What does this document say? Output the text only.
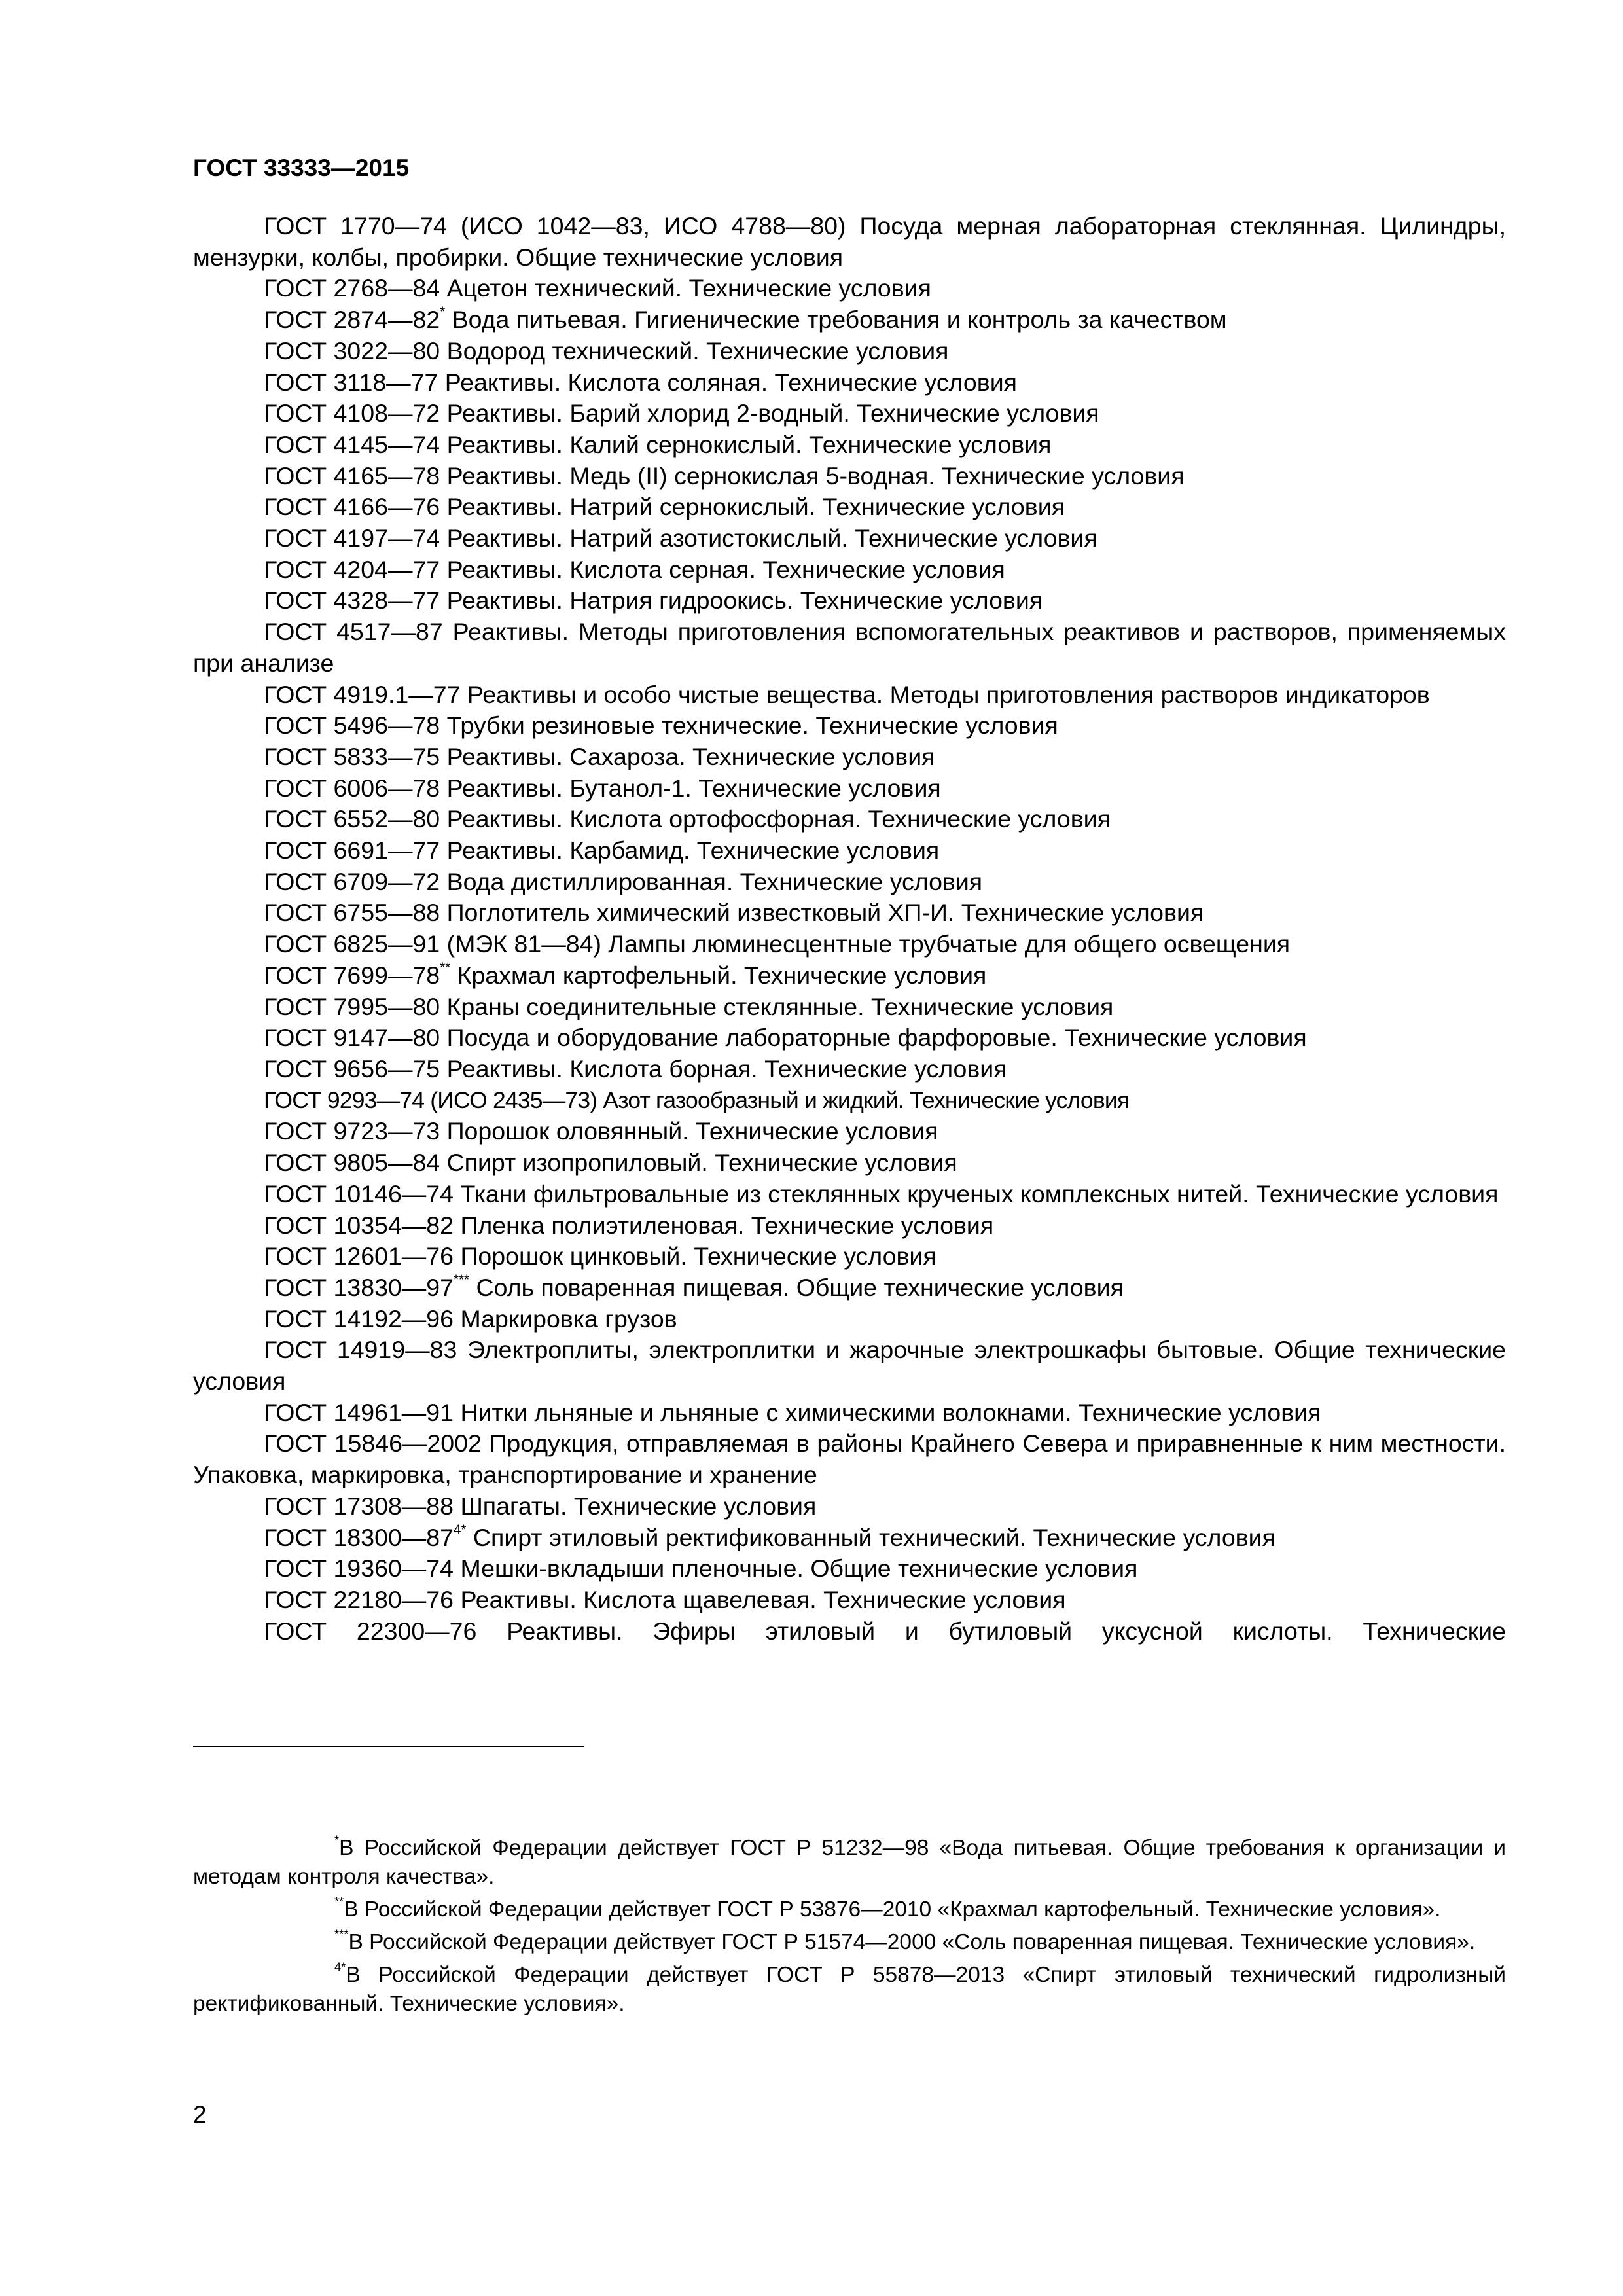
ГОСТ 33333—2015
ГОСТ 1770—74 (ИСО 1042—83, ИСО 4788—80) Посуда мерная лабораторная стеклянная. Цилиндры, мензурки, колбы, пробирки. Общие технические условия
ГОСТ 2768—84 Ацетон технический. Технические условия
ГОСТ 2874—82* Вода питьевая. Гигиенические требования и контроль за качеством
ГОСТ 3022—80 Водород технический. Технические условия
ГОСТ 3118—77 Реактивы. Кислота соляная. Технические условия
ГОСТ 4108—72 Реактивы. Барий хлорид 2-водный. Технические условия
ГОСТ 4145—74 Реактивы. Калий сернокислый. Технические условия
ГОСТ 4165—78 Реактивы. Медь (II) сернокислая 5-водная. Технические условия
ГОСТ 4166—76 Реактивы. Натрий сернокислый. Технические условия
ГОСТ 4197—74 Реактивы. Натрий азотистокислый. Технические условия
ГОСТ 4204—77 Реактивы. Кислота серная. Технические условия
ГОСТ 4328—77 Реактивы. Натрия гидроокись. Технические условия
ГОСТ 4517—87 Реактивы. Методы приготовления вспомогательных реактивов и растворов, применяемых при анализе
ГОСТ 4919.1—77 Реактивы и особо чистые вещества. Методы приготовления растворов индикаторов
ГОСТ 5496—78 Трубки резиновые технические. Технические условия
ГОСТ 5833—75 Реактивы. Сахароза. Технические условия
ГОСТ 6006—78 Реактивы. Бутанол-1. Технические условия
ГОСТ 6552—80 Реактивы. Кислота ортофосфорная. Технические условия
ГОСТ 6691—77 Реактивы. Карбамид. Технические условия
ГОСТ 6709—72 Вода дистиллированная. Технические условия
ГОСТ 6755—88 Поглотитель химический известковый ХП-И. Технические условия
ГОСТ 6825—91 (МЭК 81—84) Лампы люминесцентные трубчатые для общего освещения
ГОСТ 7699—78** Крахмал картофельный. Технические условия
ГОСТ 7995—80 Краны соединительные стеклянные. Технические условия
ГОСТ 9147—80 Посуда и оборудование лабораторные фарфоровые. Технические условия
ГОСТ 9656—75 Реактивы. Кислота борная. Технические условия
ГОСТ 9293—74 (ИСО 2435—73) Азот газообразный и жидкий. Технические условия
ГОСТ 9723—73 Порошок оловянный. Технические условия
ГОСТ 9805—84 Спирт изопропиловый. Технические условия
ГОСТ 10146—74 Ткани фильтровальные из стеклянных крученых комплексных нитей. Технические условия
ГОСТ 10354—82 Пленка полиэтиленовая. Технические условия
ГОСТ 12601—76 Порошок цинковый. Технические условия
ГОСТ 13830—97*** Соль поваренная пищевая. Общие технические условия
ГОСТ 14192—96 Маркировка грузов
ГОСТ 14919—83 Электроплиты, электроплитки и жарочные электрошкафы бытовые. Общие технические условия
ГОСТ 14961—91 Нитки льняные и льняные с химическими волокнами. Технические условия
ГОСТ 15846—2002 Продукция, отправляемая в районы Крайнего Севера и приравненные к ним местности. Упаковка, маркировка, транспортирование и хранение
ГОСТ 17308—88 Шпагаты. Технические условия
ГОСТ $18300—87^{4*}$ Спирт этиловый ректификованный технический. Технические условия
ГОСТ 19360—74 Мешки-вкладыши пленочные. Общие технические условия
ГОСТ 22180—76 Реактивы. Кислота щавелевая. Технические условия
ГОСТ 22300—76 Реактивы. Эфиры этиловый и бутиловый уксусной кислоты. Технические
*В Российской Федерации действует ГОСТ Р 51232—98 «Вода питьевая. Общие требования к организации и методам контроля качества».
**В Российской Федерации действует ГОСТ Р 53876—2010 «Крахмал картофельный. Технические условия».
***В Российской Федерации действует ГОСТ Р 51574—2000 «Соль поваренная пищевая. Технические условия».
$^{4*}$В Российской Федерации действует ГОСТ Р 55878—2013 «Спирт этиловый технический гидролизный ректификованный. Технические условия».
2
